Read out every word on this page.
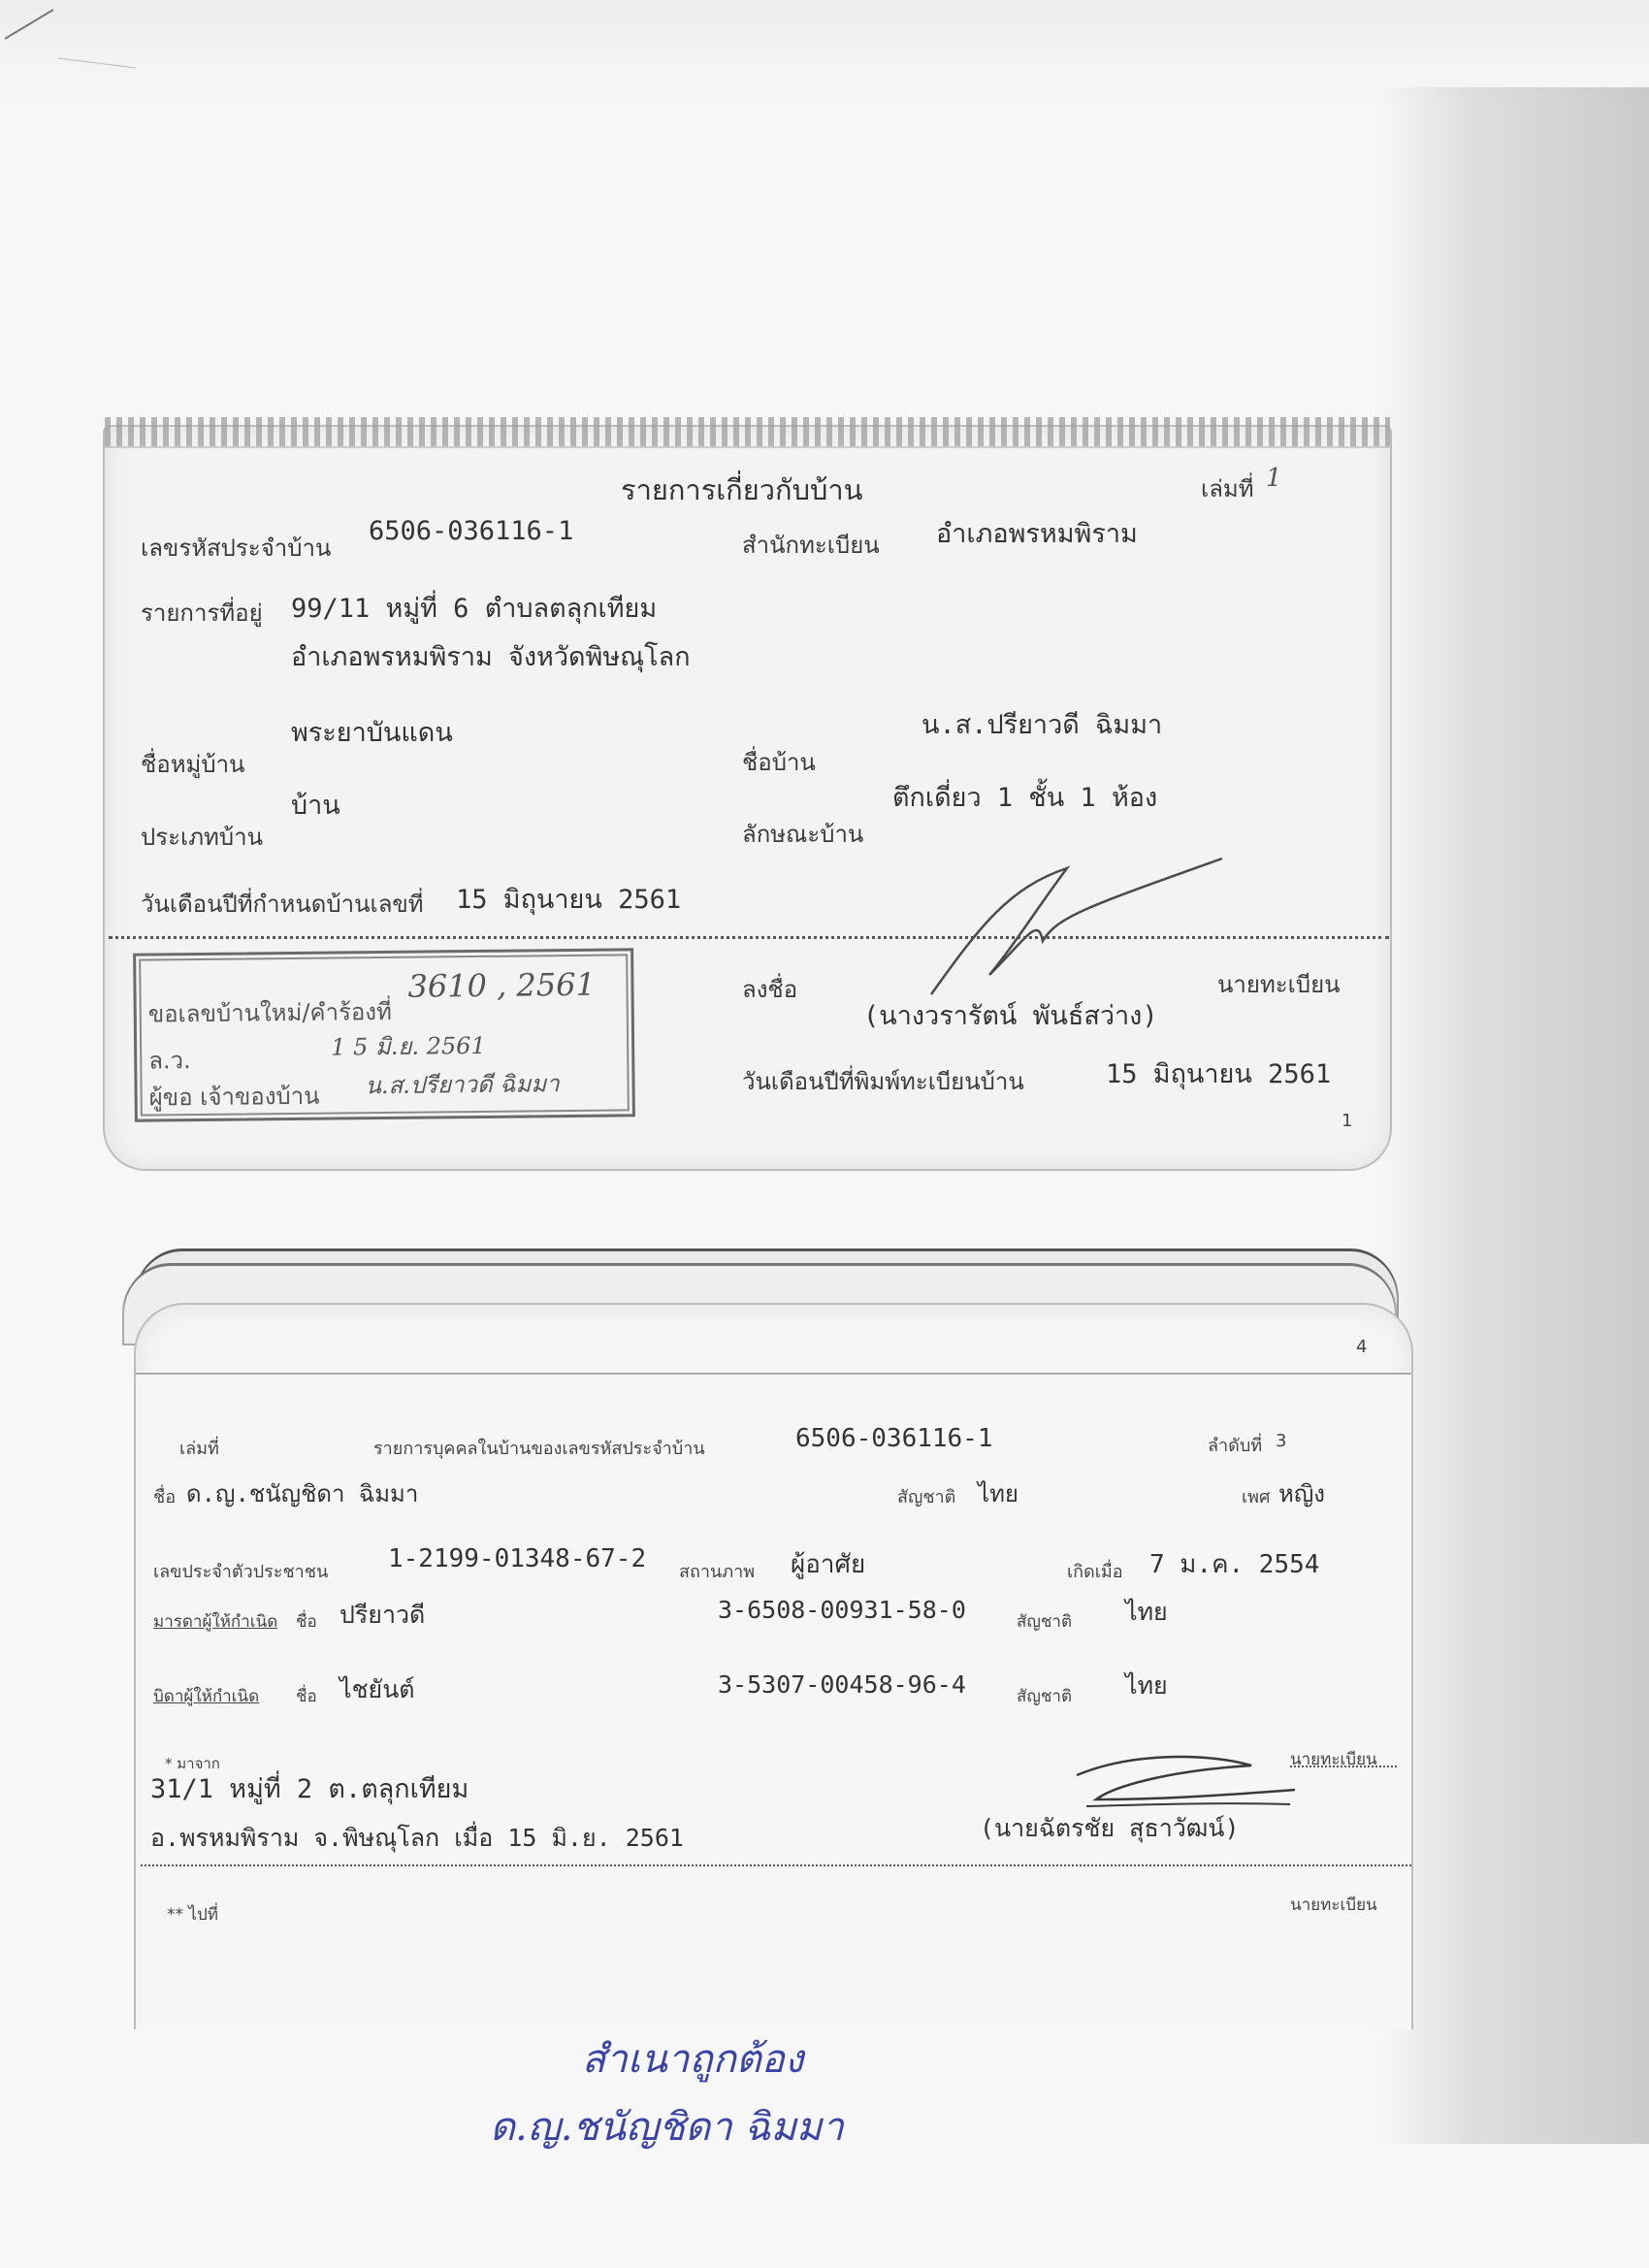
รายการเกี่ยวกับบ้าน	เล่มที่ 1
เลขรหัสประจำบ้าน
6506-036116-1	สำนักทะเบียน อำเภอพรหมพิราม
รายการที่อยู่ 99/11 หมู่ที่ 6 ตำบลตลุกเทียม
อำเภอพรหมพิราม จังหวัดพิษณุโลก
พระยาบันแดน
ชื่อหมู่บ้าน
น.ส.ปรียาวดี ฉิมมา
ชื่อบ้าน
บ้าน
ประเภทบ้าน
ตึกเดี่ยว 1 ชั้น 1 ห้อง
ลักษณะบ้าน
วันเดือนปีที่กำหนดบ้านเลขที่ 15 มิถุนายน 2561
ลงชื่อ	นายทะเบียน
(นางวรารัตน์ พันธ์สว่าง)
วันเดือนปีที่พิมพ์ทะเบียนบ้าน	15 มิถุนายน 2561
1
ขอเลขบ้านใหม่/คำร้องที่
3610 , 2561
ล.ว.	1 5 มิ.ย. 2561
ผู้ขอ เจ้าของบ้าน น.ส.ปรียาวดี ฉิมมา
4
เล่มที่	รายการบุคคลในบ้านของเลขรหัสประจำบ้าน	6506-036116-1	ลำดับที่ 3
ชื่อ ด.ญ.ชนัญชิดา ฉิมมา	สัญชาติ ไทย	เพศ หญิง
เลขประจำตัวประชาชน 1-2199-01348-67-2 สถานภาพ ผู้อาศัย	เกิดเมื่อ 7 ม.ค. 2554
มารดาผู้ให้กำเนิด ชื่อ ปรียาวดี	3-6508-00931-58-0	สัญชาติ ไทย
บิดาผู้ให้กำเนิด ชื่อ ไชยันต์	3-5307-00458-96-4	สัญชาติ ไทย
* มาจาก	นายทะเบียน
31/1 หมู่ที่ 2 ต.ตลุกเทียม
อ.พรหมพิราม จ.พิษณุโลก เมื่อ 15 มิ.ย. 2561	(นายฉัตรชัย สุธาวัฒน์)
** ไปที่	นายทะเบียน
สำเนาถูกต้อง
ด.ญ.ชนัญชิดา ฉิมมา
